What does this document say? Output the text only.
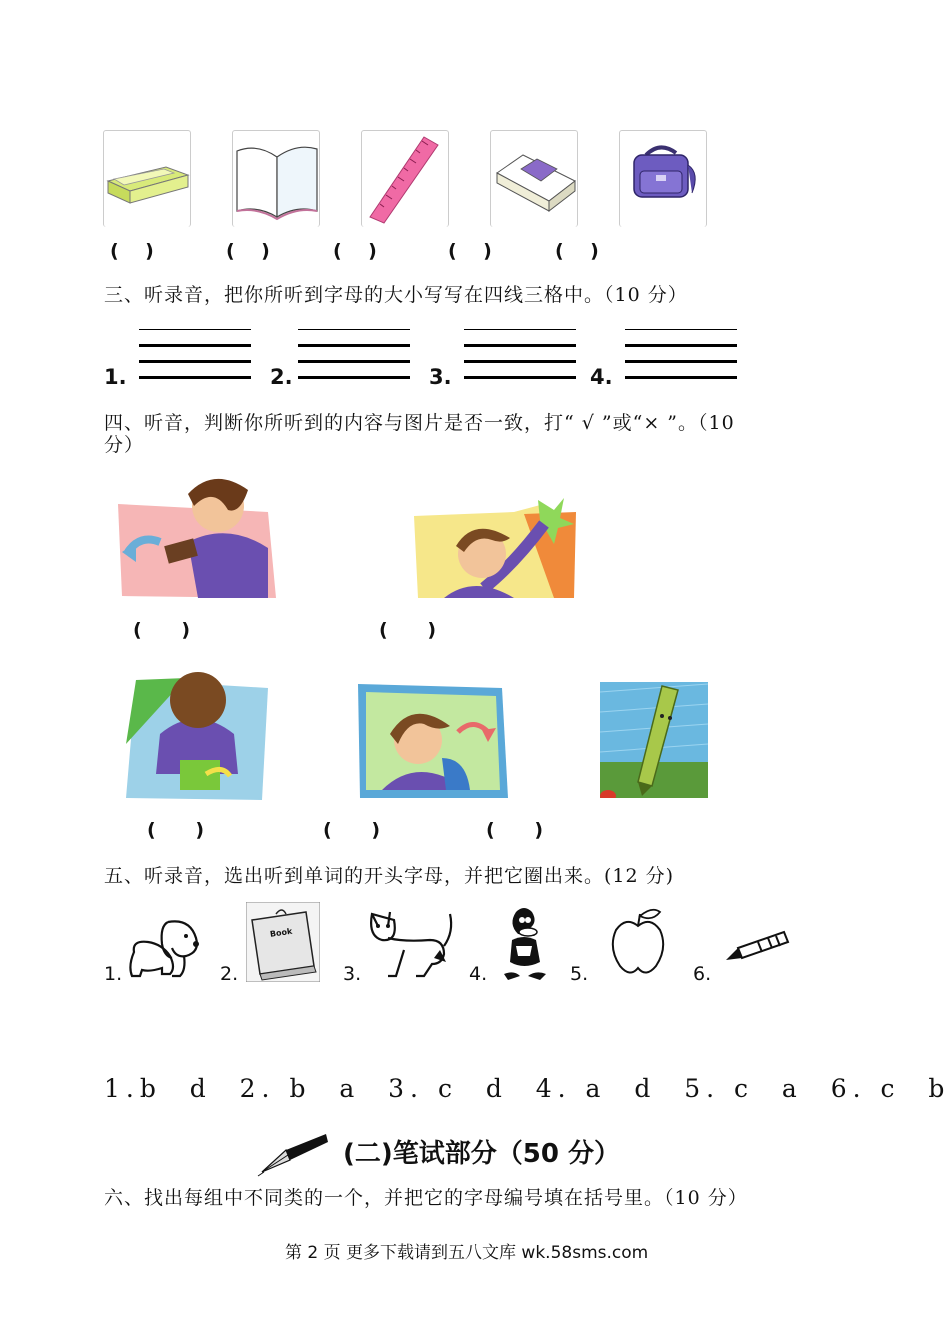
(    )	(    )	(    )	(    )	(    )
三、听录音，把你所听到字母的大小写写在四线三格中。（10 分）
1.	2.	3.	4.
四、听音，判断你所听到的内容与图片是否一致，打“ √ ”或“× ”。（10
分）
(      )	(      )
(      )	(      )	(      )
五、听录音，选出听到单词的开头字母，并把它圈出来。(12 分)
1.	2.
Book
3.	4.	5.	6.
1.b  d  2. b  a  3. c  d  4. a  d  5. c  a  6. c  b
(二)笔试部分（50 分）
六、找出每组中不同类的一个，并把它的字母编号填在括号里。（10 分）
第 2 页 更多下载请到五八文库 wk.58sms.com
